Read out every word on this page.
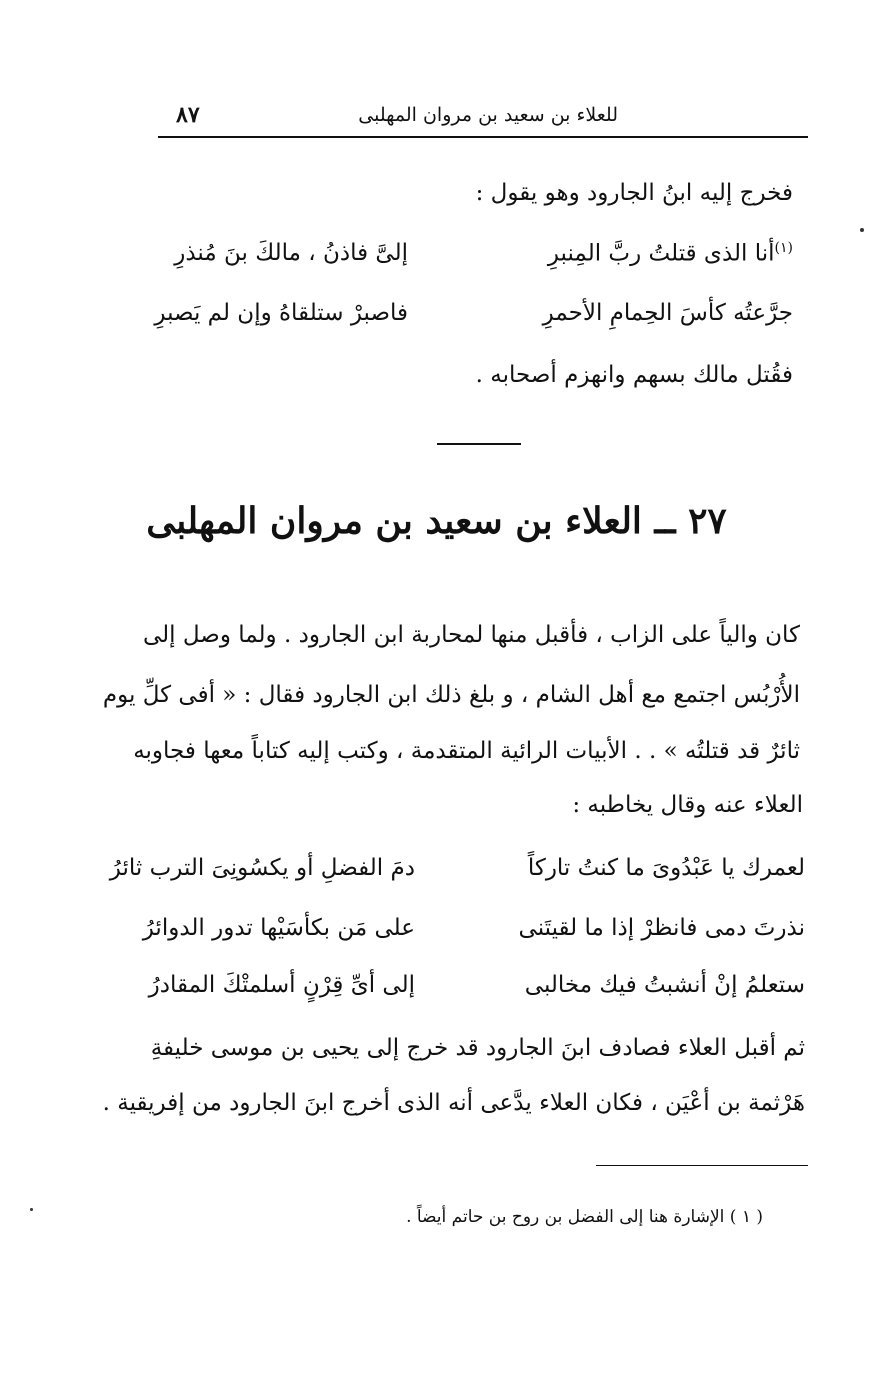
٨٧	للعلاء بن سعيد بن مروان المهلبى
فخرج إليه ابنُ الجارود وهو يقول :
$^{(١)}$أنا الذى قتلتُ ربَّ المِنبرِ
إلىَّ فاذنُ ، مالكَ بنَ مُنذرِ
جرَّعتُه كأسَ الحِمامِ الأحمرِ
فاصبرْ ستلقاهُ وإن لم يَصبرِ
فقُتل مالك بسهم وانهزم أصحابه .
٢٧ ــ العلاء بن سعيد بن مروان المهلبى
كان والياً على الزاب ، فأقبل منها لمحاربة ابن الجارود . ولما وصل إلى
الأُرْبُس اجتمع مع أهل الشام ، و بلغ ذلك ابن الجارود فقال : « أفى كلِّ يوم
ثائرٌ قد قتلتُه » . . الأبيات الرائية المتقدمة ، وكتب إليه كتاباً معها فجاوبه
العلاء عنه وقال يخاطبه :
لعمرك يا عَبْدُوىَ ما كنتُ تاركاً
دمَ الفضلِ أو يكسُونِىَ الترب ثائرُ
نذرتَ دمى فانظرْ إذا ما لقيتَنى
على مَن بكأسَيْها تدور الدوائرُ
ستعلمُ إنْ أنشبتُ فيك مخالبى
إلى أىِّ قِرْنٍ أسلمتْكَ المقادرُ
ثم أقبل العلاء فصادف ابنَ الجارود قد خرج إلى يحيى بن موسى خليفةِ
هَرْثمة بن أعْيَن ، فكان العلاء يدَّعى أنه الذى أخرج ابنَ الجارود من إفريقية .
( ١ ) الإشارة هنا إلى الفضل بن روح بن حاتم أيضاً .
